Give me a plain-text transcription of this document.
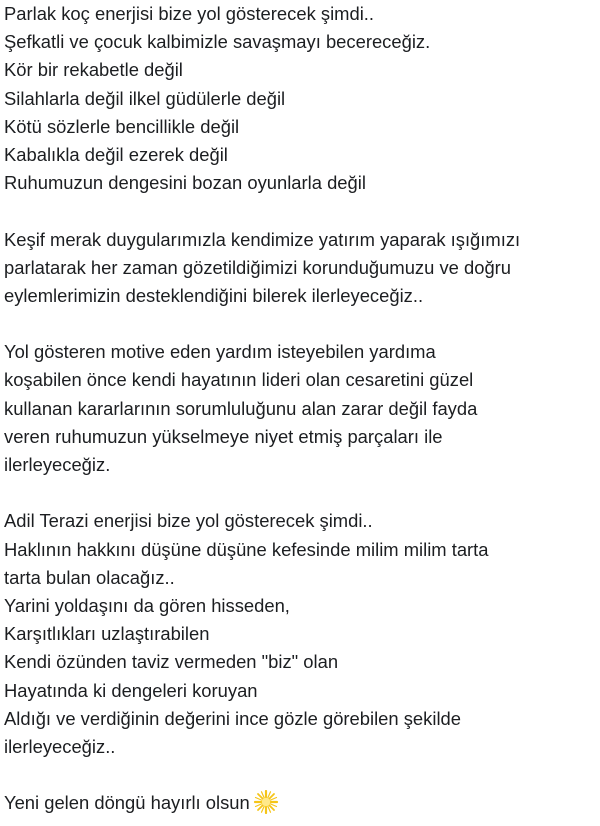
Parlak koç enerjisi bize yol gösterecek şimdi..
Şefkatli ve çocuk kalbimizle savaşmayı becereceğiz.
Kör bir rekabetle değil
Silahlarla değil ilkel güdülerle değil
Kötü sözlerle bencillikle değil
Kabalıkla değil ezerek değil
Ruhumuzun dengesini bozan oyunlarla değil
Keşif merak duygularımızla kendimize yatırım yaparak ışığımızı
parlatarak her zaman gözetildiğimizi korunduğumuzu ve doğru
eylemlerimizin desteklendiğini bilerek ilerleyeceğiz..
Yol gösteren motive eden yardım isteyebilen yardıma
koşabilen önce kendi hayatının lideri olan cesaretini güzel
kullanan kararlarının sorumluluğunu alan zarar değil fayda
veren ruhumuzun yükselmeye niyet etmiş parçaları ile
ilerleyeceğiz.
Adil Terazi enerjisi bize yol gösterecek şimdi..
Haklının hakkını düşüne düşüne kefesinde milim milim tarta
tarta bulan olacağız..
Yarini yoldaşını da gören hisseden,
Karşıtlıkları uzlaştırabilen
Kendi özünden taviz vermeden "biz" olan
Hayatında ki dengeleri koruyan
Aldığı ve verdiğinin değerini ince gözle görebilen şekilde
ilerleyeceğiz..
Yeni gelen döngü hayırlı olsun
